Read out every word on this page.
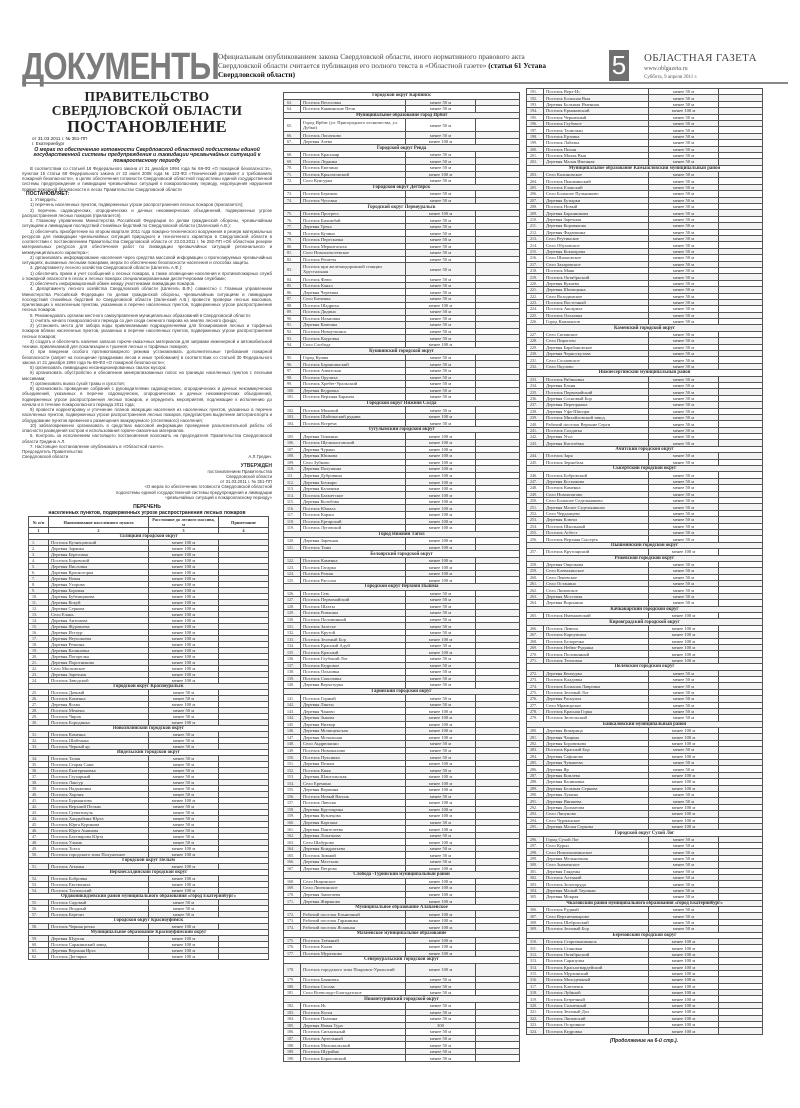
ДОКУМЕНТЫ
Официальным опубликованием закона Свердловской области, иного нормативного правового акта Свердловской области считается публикация его полного текста в «Областной газете» (статья 61 Устава Свердловской области)	5 ОБЛАСТНАЯ ГАЗЕТА
www.oblgazeta.ru
Суббота, 9 апреля 2011 г.
ПРАВИТЕЛЬСТВО
СВЕРДЛОВСКОЙ ОБЛАСТИ
ПОСТАНОВЛЕНИЕ
от 31.03.2011 г. № 351-ПП
г. Екатеринбург
О мерах по обеспечению готовности Свердловской областной подсистемы единой государственной системы предупреждения и ликвидации чрезвычайных ситуаций к пожароопасному периоду

В соответствии со статьей 18 Федерального закона от 21 декабря 1994 года № 69-ФЗ «О пожарной безопасности», пунктом 15 статьи 69 Федерального закона от 22 июля 2008 года № 123-ФЗ «Технический регламент о требованиях пожарной безопасности», в целях обеспечения готовности Свердловской областной подсистемы единой государственной системы предупреждения и ликвидации чрезвычайных ситуаций к пожароопасному периоду, недопущения нарушения правил пожарной безопасности в лесах Правительство Свердловской области

ПОСТАНОВЛЯЕТ:

1. Утвердить:

1) перечень населенных пунктов, подверженных угрозе распространения лесных пожаров (прилагается);

2) перечень садоводческих, огороднических и дачных некоммерческих объединений, подверженных угрозе распространения лесных пожаров (прилагается).

2. Главному управлению Министерства Российской Федерации по делам гражданской обороны, чрезвычайным ситуациям и ликвидации последствий стихийных бедствий по Свердловской области (Заленский А.В.):

1) обеспечить приобретение во втором квартале 2011 года пожарно-технического вооружения в резерв материальных ресурсов для ликвидации чрезвычайных ситуаций природного и техногенного характера в Свердловской области в соответствии с постановлением Правительства Свердловской области от 23.03.2011 г. № 282-ПП «Об областном резерве материальных ресурсов для обеспечения работ по ликвидации чрезвычайных ситуаций регионального и межмуниципального характера»;

2) организовать информирование населения через средства массовой информации о прогнозируемых чрезвычайных ситуациях, вызванных лесными пожарами, мерах по обеспечению безопасности населения и способах защиты.

3. Департаменту лесного хозяйства Свердловской области (Шлегель А.Ф.):

1) обеспечить прием и учет сообщений о лесных пожарах, а также оповещение населения и противопожарных служб о пожарной опасности в лесах и лесных пожарах специализированными диспетчерскими службами;

2) обеспечить информационный обмен между участниками ликвидации пожаров.

4. Департаменту лесного хозяйства Свердловской области (Шлегель В.Ф.) совместно с Главным управлением Министерства Российской Федерации по делам гражданской обороны, чрезвычайным ситуациям и ликвидации последствий стихийных бедствий по Свердловской области (Заленский А.В.) провести проверки лесных массивов, прилегающих к населенным пунктам, указанным в перечне населенных пунктов, подверженных угрозе распространения лесных пожаров.

5. Рекомендовать органам местного самоуправления муниципальных образований в Свердловской области:

1) считать начало пожароопасного периода со дня схода снежного покрова на землях лесного фонда;

2) установить места для забора воды привлекаемыми подразделениями для блокирования лесных и торфяных пожаров вблизи населенных пунктов, указанных в перечне населенных пунктов, подверженных угрозе распространения лесных пожаров;

3) создать и обеспечить наличие запасов горюче-смазочных материалов для заправки инженерной и автомобильной техники, привлекаемой для локализации и тушения лесных и торфяных пожаров;

4) при введении особого противопожарного режима устанавливать дополнительные требования пожарной безопасности (запрет на посещение гражданами лесов и иные требования) в соответствии со статьей 30 Федерального закона от 21 декабря 1994 года № 69-ФЗ «О пожарной безопасности»;

5) организовать ликвидацию несанкционированных свалок мусора;

6) организовать обустройство и обновление минерализованных полос на границах населенных пунктов с лесными массивами;

7) организовать вывоз сухой травы и сухостоя;

8) организовать проведение собраний с руководителями садоводческих, огороднических и дачных некоммерческих объединений, указанных в перечне садоводческих, огороднических и дачных некоммерческих объединений, подверженных угрозе распространения лесных пожаров, и определить мероприятия, подлежащие к исполнению до начала и в течение пожароопасного периода 2011 года;

9) провести корректировку и уточнение планов эвакуации населения из населенных пунктов, указанных в перечне населенных пунктов, подверженных угрозе распространения лесных пожаров, предусмотрев выделение автотранспорта и оборудование пунктов временного размещения эвакуируемого (отселяемого) населения;

10) заблаговременно организовать в средствах массовой информации проведение разъяснительной работы об опасности разведения костров и использования горюче-смазочных материалов.

6. Контроль за исполнением настоящего постановления возложить на председателя Правительства Свердловской области Гредина А.Л.

7. Настоящее постановление опубликовать в «Областной газете».

Председатель Правительства
Свердловской области	А.Л.Гредин.
УТВЕРЖДЕН
постановлением Правительства
Свердловской области
от 31.03.2011 г. № 351-ПП
«О мерах по обеспечению готовности Свердловской областной
подсистемы единой государственной системы предупреждения и ликвидации
чрезвычайных ситуаций к пожароопасному периоду»
ПЕРЕЧЕНЬ
населенных пунктов, подверженных угрозе распространения лесных пожаров
№ п/п	Наименование населенного пункта	Расстояние до лесного массива, м	Примечание
1	2	3	4
Талицкий городской округ			
1.	Поселок Кузнецовский	менее 100 м	
2.	Деревня Зарянка	менее 100 м	
3.	Деревня Береговая	менее 100 м	
4.	Поселок Боровской	менее 100 м	
5.	Деревня Нисловка	менее 100 м	
6.	Деревня Красногорка	менее 100 м	
7.	Деревня Новая	менее 100 м	
8.	Деревня Уторова	менее 100 м	
9.	Деревня Боровая	менее 100 м	
10.	Деревня Бубенщикова	менее 100 м	
11.	Деревня Кокуй	менее 100 м	
12.	Деревня Серкова	менее 100 м	
13.	Село Елань	менее 100 м	
14.	Деревня Антонова	менее 100 м	
15.	Деревня Журавлева	менее 100 м	
16.	Деревня Истоур	менее 100 м	
17.	Деревня Неупокоева	менее 100 м	
18.	Деревня Речкина	менее 100 м	
19.	Деревня Калиновка	менее 100 м	
20.	Деревня Погорелка	менее 100 м	
21.	Деревня Поротникова	менее 100 м	
22.	Село Московское	менее 100 м	
23.	Деревня Заречная	менее 100 м	
24.	Поселок Заводской	менее 100 м	
Городской округ Красноуральск			
25.	Поселок Дачный	менее 50 м	
26.	Поселок Каменка	менее 50 м	
27.	Деревня Ясьва	менее 100 м	
28.	Поселок Межень	менее 50 м	
29.	Поселок Чирок	менее 50 м	
30.	Поселок Бородинка	менее 100 м	
Новолялинский городской округ			
31.	Поселок Каменка	менее 50 м	
32.	Поселок Шайтанка	менее 50 м	
33.	Поселок Черный яр	менее 50 м	
Ивдельский городской округ			
34.	Поселок Талая	менее 50 м	
35.	Поселок Старая Сама	менее 50 м	
36.	Поселок Екатериновка	менее 50 м	
37.	Поселок Глухарный	менее 50 м	
38.	Поселок Лангур	менее 50 м	
39.	Поселок Надымовка	менее 50 м	
40.	Поселок Хорпия	менее 50 м	
41.	Поселок Бурмантово	менее 100 м	
42.	Поселок Верхний Пелым	менее 50 м	
43.	Поселок Суеватпауль	менее 50 м	
44.	Поселок Хандыбина Юрта	менее 50 м	
45.	Поселок Юрта Курикова	менее 50 м	
46.	Поселок Юрта Анямова	менее 50 м	
47.	Поселок Бахтиярова Юрта	менее 50 м	
48.	Поселок Улымъ	менее 50 м	
49.	Поселок Тохта	менее 100 м	
50.	Поселок городского типа Полуночное	менее 100 м	
Городской округ Пелым			
51.	Поселок Атымья	менее 100 м	
Верхнесалдинский городской округ			
52.	Поселок Бобровка	менее 100 м	
53.	Поселок Евстюниха	менее 100 м	
54.	Поселок Тагильский	менее 100 м	
Орджоникидзевский район муниципального образования «город Екатеринбург»			
55.	Поселок Садовый	менее 50 м	
56.	Поселок Ягодный	менее 50 м	
57.	Поселок Березит	менее 50 м	
Городской округ Красноуфимск			
58.	Поселок Черная речка	менее 100 м	
Муниципальное образование Красноуфимский округ			
59.	Деревня Шуртан	менее 100 м	
60.	Поселок Саранинский завод	менее 100 м	
61.	Деревня Верхняя Ирга	менее 100 м	
62.	Поселок Дегтярка	менее 100 м	
Городской округ Карпинск			
63.	Поселок Веселовка	менее 50 м	
64.	Поселок Каквинские Печи	менее 50 м	
Муниципальное образование город Ирбит			
65.	Город Ирбит (ул. Пригородного лесничества, ул. Дубки)	менее 50 м	
66.	Поселок Лопатково	менее 50 м	
67.	Деревня Азева	менее 100 м	
Городской округ Ревда			
68.	Поселок Краснояр	менее 50 м	
69.	Поселок Ледянка	менее 50 м	
70.	Поселок Емелино	менее 50 м	
71.	Поселок Крылатовский	менее 100 м	
72.	Село Кунгурка	менее 50 м	
Городской округ Дегтярск			
73.	Поселок Бережок	менее 50 м	
74.	Поселок Чусовая	менее 50 м	
Городской округ Первоуральск			
75.	Поселок Прогресс	менее 100 м	
76.	Поселок Билимбай	менее 50 м	
77.	Деревня Трека	менее 50 м	
78.	Поселок Кузино	менее 50 м	
79.	Поселок Перескачка	менее 50 м	
80.	Поселок Меркитасиха	менее 50 м	
81.	Село Новоалексеевское	менее 50 м	
82.	Поселок Решеты	менее 50 м	
83.	Поселок при железнодорожной станции Хрустальная	менее 50 м	
84.	Поселок Флюс	менее 50 м	
85.	Поселок Канал	менее 50 м	
86.	Деревня Черемша	менее 50 м	
87.	Село Битимка	менее 50 м	
88.	Поселок Шадриха	менее 100 м	
89.	Поселок Дидино	менее 50 м	
90.	Поселок Ильмовка	менее 50 м	
91.	Деревня Каменка	менее 50 м	
92.	Поселок Новоуткинск	менее 50 м	
93.	Поселок Коуровка	менее 50 м	
94.	Село Слобода	менее 100 м	
Кушвинский городской округ			
95.	Город Кушва	менее 50 м	
96.	Поселок Баранчинский	менее 50 м	
97.	Поселок Азиатская	менее 50 м	
98.	Поселок Орулиха	менее 50 м	
99.	Поселок Хребет-Уральский	менее 50 м	
100.	Деревня Кедровка	менее 50 м	
101.	Поселок Верхняя Баранча	менее 50 м	
Городской округ Нижняя Салда			
102.	Поселок Моховой	менее 50 м	
103.	Поселок Шайтанский рудник	менее 100 м	
104.	Поселок Встреча	менее 50 м	
Тугулымский городской округ			
105.	Деревня Тимкина	менее 100 м	
106.	Поселок Щелконоговский	менее 100 м	
107.	Деревня Чураки	менее 100 м	
108.	Деревня Юшкова	менее 100 м	
109.	Село Зубково	менее 100 м	
110.	Деревня Полушина	менее 100 м	
111.	Деревня Дубровина	менее 100 м	
112.	Деревня Бочкари	менее 100 м	
113.	Деревня Калачики	менее 100 м	
114.	Поселок Бахметское	менее 100 м	
115.	Деревня Колобова	менее 100 м	
116.	Поселок Юшала	менее 100 м	
117.	Поселок Караш	менее 100 м	
118.	Поселок Ертарский	менее 100 м	
119.	Поселок Луговской	менее 100 м	
Город Нижний Тагил			
120.	Деревня Заречная	менее 100 м	
121.	Поселок Таны	менее 100 м	
Белоярский городской округ			
122.	Поселок Каменка	менее 100 м	
123.	Поселок Гагарка	менее 100 м	
124.	Поселок Режик	менее 100 м	
125.	Поселок Рассоха	менее 100 м	
Городской округ Верхняя Пышма			
126.	Поселок Гать	менее 50 м	
127.	Поселок Первомайский	менее 50 м	
128.	Поселок Шахты	менее 50 м	
129.	Поселок Ромашка	менее 50 м	
130.	Поселок Половинный	менее 50 м	
131.	Поселок Залесье	менее 50 м	
132.	Поселок Крутой	менее 50 м	
133.	Поселок Зеленый Бор	менее 100 м	
134.	Поселок Красный Адуй	менее 50 м	
135.	Поселок Красный	менее 100 м	
136.	Поселок Глубокий Лог	менее 50 м	
137.	Поселок Кедровое	менее 50 м	
138.	Поселок Ольховка	менее 50 м	
139.	Поселок Соколовка	менее 50 м	
140.	Деревня Верхотурка	менее 50 м	
Гаринский городской округ			
141.	Поселок Горный	менее 50 м	
142.	Деревня Линты	менее 50 м	
143.	Деревня Чаново	менее 100 м	
144.	Деревня Зыкова	менее 100 м	
145.	Деревня Нихвор	менее 100 м	
146.	Деревня Мочищенская	менее 100 м	
147.	Деревня Мочальная	менее 100 м	
148.	Село Андрюшино	менее 50 м	
149.	Поселок Новошахово	менее 50 м	
150.	Поселок Пуксинка	менее 50 м	
151.	Деревня Пелым	менее 100 м	
152.	Поселок Кияя	менее 50 м	
153.	Деревня Шантальская	менее 100 м	
154.	Село Еремино	менее 100 м	
155.	Деревня Вершина	менее 100 м	
156.	Поселок Новый Вагиль	менее 50 м	
157.	Поселок Лиюско	менее 100 м	
158.	Деревня Крутоярчка	менее 100 м	
159.	Деревня Кузнецова	менее 100 м	
160.	Деревня Карташа	менее 50 м	
161.	Деревня Пантелеева	менее 100 м	
162.	Деревня Лопаткова	менее 50 м	
163.	Село Шабурово	менее 100 м	
164.	Деревня Кондратьева	менее 50 м	
165.	Поселок Зимний	менее 50 м	
166.	Деревня Мастыли	менее 50 м	
167.	Деревня Петрова	менее 100 м	
Слобода -Туринский муниципальный район			
168.	Село Ницинское	менее 100 м	
169.	Село Липчинское	менее 100 м	
170.	Деревня Замотаева	менее 100 м	
171.	Деревня Жирякова	менее 100 м	
Муниципальное образование Алапаевское			
172.	Рабочий поселок Ельничный	менее 100 м	
173.	Рабочий поселок Гаранинка	менее 100 м	
174.	Рабочий поселок Ясашная	менее 100 м	
Махневское муниципальное образование			
175.	Поселок Таёжный	менее 100 м	
176.	Поселок Калач	менее 100 м	
177.	Поселок Муратково	менее 100 м	
Североуральский городской округ			
178.	Поселок городского типа Покровск-Уральский	менее 100 м	
179.	Поселок Баяновка	менее 50 м	
180.	Поселок Сосьва	менее 50 м	
181.	Село Всеволодо-Благодатское	менее 50 м	
Нижнетуринский городской округ			
182.	Поселок Ис	менее 50 м	
183.	Поселок Косья	менее 50 м	
184.	Поселок Платина	менее 50 м	
185.	Деревня Новая Тура	300	
186.	Поселок Сигнальный	менее 50 м	
187.	Поселок Артельный	менее 50 м	
188.	Поселок Маломальский	менее 50 м	
189.	Поселок Шурайно	менее 50 м	
190.	Поселок Борисовский	менее 50 м	
191.	Поселок Верх-Ис	менее 50 м	
192.	Поселок Большая Выя	менее 50 м	
193.	Деревня Большая Именная	менее 50 м	
194.	Поселок Ермаковский	менее 100 м	
195.	Поселок Черничный	менее 50 м	
196.	Поселок Глубокое	менее 50 м	
197.	Поселок Талисман	менее 50 м	
198.	Поселок Ерзовка	менее 50 м	
199.	Поселок Лабазка	менее 50 м	
200.	Поселок Пихан	менее 50 м	
201.	Поселок Малая Выя	менее 50 м	
202.	Деревня Малая Именная	менее 50 м	
Муниципальное образование Камышловский муниципальный район			
203.	Село Калиновское	менее 50 м	
204.	Поселок Пышминский	менее 50 м	
205.	Поселок Еланский	менее 50 м	
206.	Село Большое Пульниково	менее 50 м	
207.	Деревня Бутырки	менее 50 м	
208.	Поселок Новый	менее 50 м	
209.	Деревня Баранникова	менее 50 м	
210.	Деревня Заречная	менее 50 м	
211.	Деревня Коровякова	менее 50 м	
212.	Деревня Фадюшина	менее 50 м	
213.	Село Реутинское	менее 50 м	
214.	Село Обуховское	менее 50 м	
215.	Деревня Кокшарова	менее 50 м	
216.	Село Шилковское	менее 50 м	
217.	Село Захаровское	менее 50 м	
218.	Поселок Маяк	менее 50 м	
219.	Поселок Октябрьский	менее 50 м	
220.	Деревня Кукаева	менее 50 м	
221.	Деревня Шипицына	менее 50 м	
222.	Село Володинское	менее 50 м	
223.	Поселок Восточный	менее 50 м	
224.	Поселок Аксариха	менее 50 м	
225.	Поселок Ольховка	менее 50 м	
226.	Город Камышлов	менее 50 м	
Каменский городской округ			
227.	Село Сипавское	менее 50 м	
228.	Село Пирогово	менее 50 м	
229.	Деревня Барабановское	менее 50 м	
230.	Деревня Черноскутова	менее 50 м	
231.	Село Сосновское	менее 50 м	
232.	Село Окулово	менее 50 м	
Нижнесергинский муниципальный район			
233.	Поселок Рябиновка	менее 50 м	
234.	Деревня Ельня	менее 50 м	
235.	Поселок Первомайский	менее 50 м	
236.	Деревня Сосновый Бор	менее 50 м	
237.	Деревня Перепряжка	менее 50 м	
238.	Деревня Уфа-Шигири	менее 50 м	
239.	Поселок Михайловский завод	менее 50 м	
240.	Рабочий поселок Верхние Серги	менее 50 м	
241.	Поселок Солдатка	менее 50 м	
242.	Деревня Угол	менее 50 м	
243.	Деревня Киселёвка	менее 50 м	
Ачитский городской округ			
244.	Поселок Заря	менее 50 м	
245.	Поселок Зернобаза	менее 50 м	
Сысертский городской округ			
246.	Поселок Бобровский	менее 50 м	
247.	Деревня Космакова	менее 50 м	
248.	Поселок Каменка	менее 50 м	
249.	Село Новоипатово	менее 50 м	
250.	Село Большое Седельниково	менее 50 м	
251.	Деревня Малое Седельниково	менее 50 м	
252.	Село Черданцево	менее 50 м	
253.	Деревня Ключи	менее 50 м	
254.	Поселок Школьный	менее 50 м	
255.	Поселок Асбест	менее 50 м	
256.	Поселок Верхняя Сысерть	менее 50 м	
Пышминский городской округ			
257.	Поселок Крутоярский	менее 100 м	
Режевской городской округ			
258.	Деревня Ощепкова	менее 50 м	
259.	Село Клевакинское	менее 50 м	
260.	Село Леневское	менее 50 м	
261.	Село Останино	менее 50 м	
262.	Село Липовское	менее 50 м	
263.	Деревня Мостовая	менее 50 м	
264.	Деревня Воронина	менее 50 м	
Качканарский городской округ			
265.	Поселок Именновский	менее 100 м	
Кировградский городской округ			
266.	Поселок Левиха	менее 100 м	
267.	Поселок Карпушиха	менее 100 м	
268.	Поселок Белоречка	менее 100 м	
269.	Поселок Нейво-Рудянка	менее 100 м	
270.	Поселок Половинный	менее 100 м	
271.	Поселок Тепловая	менее 100 м	
Полевской городской округ			
272.	Деревня Кенчурка	менее 50 м	
273.	Поселок Кладовка	менее 50 м	
274.	Поселок Большая Лавровка	менее 50 м	
275.	Поселок Зеленый Лог	менее 50 м	
276.	Деревня Раскуиха	менее 50 м	
277.	Село Мраморское	менее 50 м	
278.	Поселок Красная Горка	менее 50 м	
279.	Поселок Зюзельский	менее 50 м	
Байкаловский муниципальный район			
280.	Деревня Комарица	менее 100 м	
281.	Деревня Чащина	менее 100 м	
282.	Деревня Боровикова	менее 100 м	
283.	Поселок Красный Бор	менее 50 м	
284.	Деревня Сафонова	менее 100 м	
285.	Деревня Чувашева	менее 50 м	
286.	Деревня Яр	менее 50 м	
287.	Деревня Комлева	менее 100 м	
288.	Деревня Калиновка	менее 100 м	
289.	Деревня Большая Серкова	менее 100 м	
290.	Деревня Лукина	менее 50 м	
291.	Деревня Инишева	менее 50 м	
292.	Деревня Долматова	менее 100 м	
293.	Село Ляпуново	менее 100 м	
294.	Село Чурманское	менее 100 м	
295.	Деревня Малая Серкова	менее 100 м	
Городской округ Сухой Лог			
296.	Город Сухой Лог	менее 50 м	
297.	Село Курьи	менее 50 м	
298.	Село Новопышминское	менее 50 м	
299.	Деревня Мельничная	менее 50 м	
300.	Село Знаменское	менее 50 м	
301.	Деревня Глядены	менее 50 м	
302.	Поселок Алтынай	менее 50 м	
303.	Поселок Золоторуда	менее 50 м	
304.	Деревня Малый Таушкан	менее 50 м	
305.	Деревня Мокрая	менее 50 м	
Чкаловский район муниципального образования «город Екатеринбург»			
306.	Поселок Рудный	менее 50 м	
307.	Село Верхнемакарово	менее 50 м	
308.	Поселок Шабровский	менее 50 м	
309.	Поселок Зеленый Бор	менее 50 м	
Березовский городской округ			
310.	Поселок Старопышминск	менее 100 м	
311.	Поселок Становая	менее 100 м	
312.	Поселок Октябрьский	менее 100 м	
313.	Поселок Сарапулка	менее 100 м	
314.	Поселок Красногвардейский	менее 100 м	
315.	Поселок Мурзинский	менее 100 м	
316.	Поселок Молодежный	менее 100 м	
317.	Поселок Ключевск	менее 100 м	
318.	Поселок Лубяной	менее 100 м	
319.	Поселок Безречный	менее 100 м	
320.	Поселок Солнечный	менее 100 м	
321.	Поселок Зеленый Дол	менее 100 м	
322.	Поселок Липовский	менее 100 м	
323.	Поселок Островное	менее 100 м	
324.	Поселок Кедровка	менее 100 м	
(Продолжение на 6-й стр.).
